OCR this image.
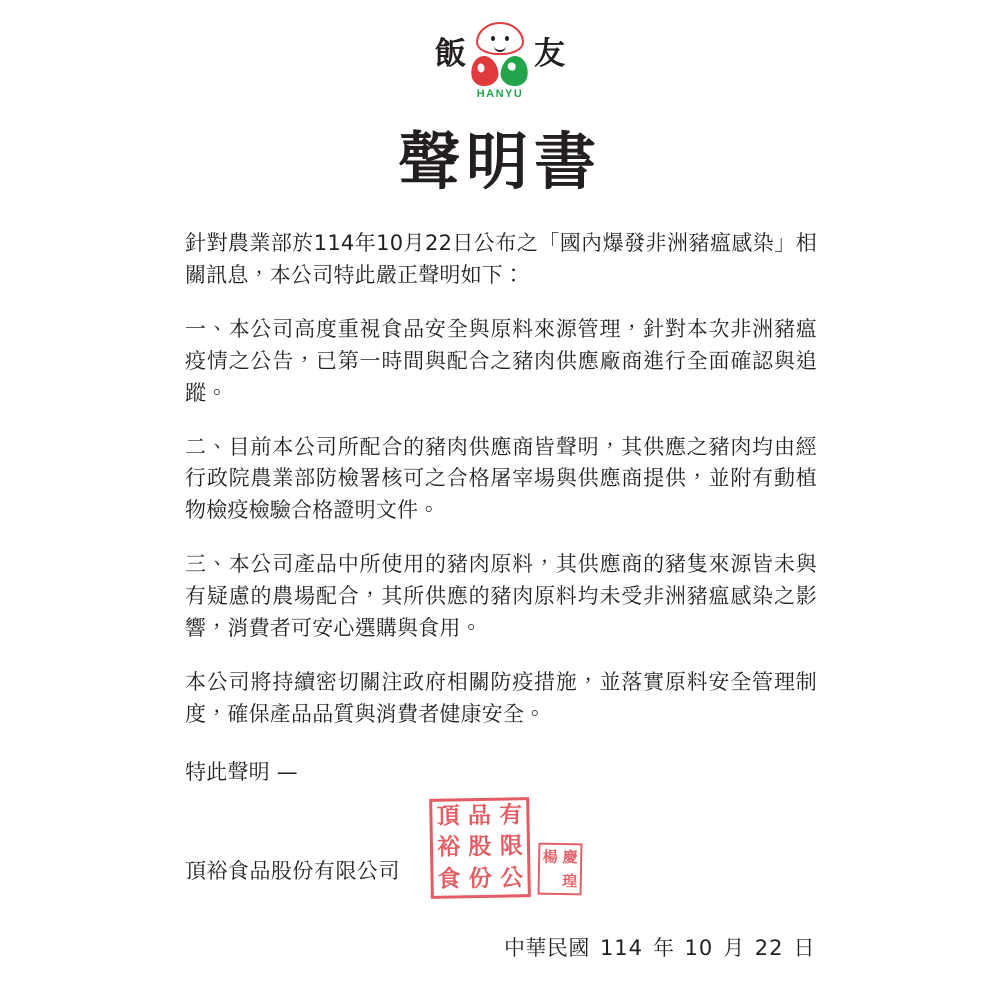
飯 友
HANYU
聲明書

針對農業部於114年10月22日公布之「國內爆發非洲豬瘟感染」相關訊息，本公司特此嚴正聲明如下：

一、本公司高度重視食品安全與原料來源管理，針對本次非洲豬瘟疫情之公告，已第一時間與配合之豬肉供應廠商進行全面確認與追蹤。

二、目前本公司所配合的豬肉供應商皆聲明，其供應之豬肉均由經行政院農業部防檢署核可之合格屠宰場與供應商提供，並附有動植物檢疫檢驗合格證明文件。

三、本公司產品中所使用的豬肉原料，其供應商的豬隻來源皆未與有疑慮的農場配合，其所供應的豬肉原料均未受非洲豬瘟感染之影響，消費者可安心選購與食用。

本公司將持續密切關注政府相關防疫措施，並落實原料安全管理制度，確保產品品質與消費者健康安全。

特此聲明 —

頂裕食品股份有限公司
頂 品 有
裕 股 限
食 份 公
楊 慶
瑝
中華民國 114 年 10 月 22 日
